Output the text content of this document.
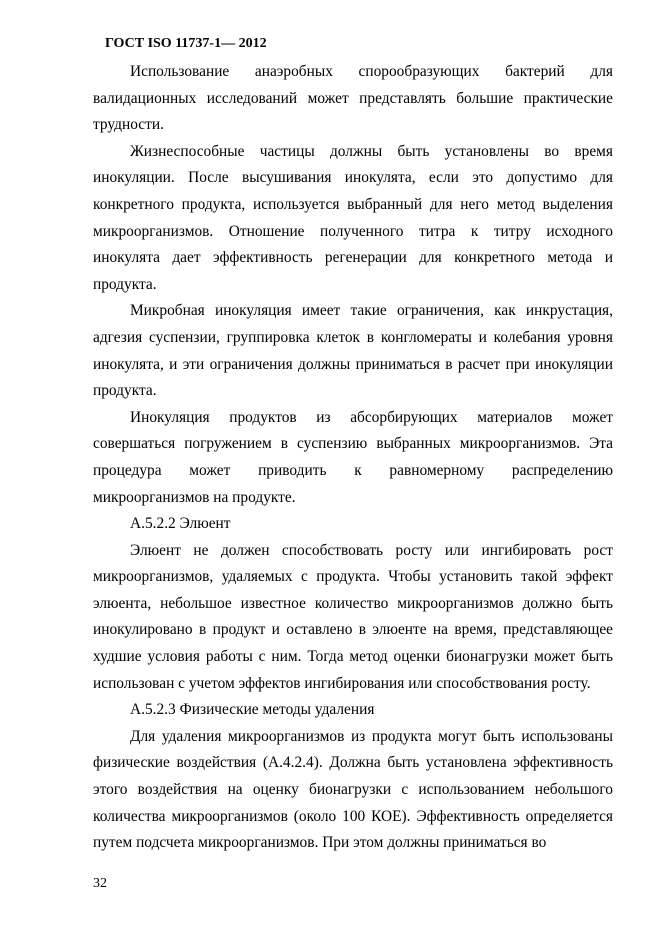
ГОСТ ISO 11737-1— 2012

Использование анаэробных спорообразующих бактерий для валидационных исследований может представлять большие практические трудности.

Жизнеспособные частицы должны быть установлены во время инокуляции. После высушивания инокулята, если это допустимо для конкретного продукта, используется выбранный для него метод выделения микроорганизмов. Отношение полученного титра к титру исходного инокулята дает эффективность регенерации для конкретного метода и продукта.

Микробная инокуляция имеет такие ограничения, как инкрустация, адгезия суспензии, группировка клеток в конгломераты и колебания уровня инокулята, и эти ограничения должны приниматься в расчет при инокуляции продукта.

Инокуляция продуктов из абсорбирующих материалов может совершаться погружением в суспензию выбранных микроорганизмов. Эта процедура может приводить к равномерному распределению микроорганизмов на продукте.

А.5.2.2 Элюент

Элюент не должен способствовать росту или ингибировать рост микроорганизмов, удаляемых с продукта. Чтобы установить такой эффект элюента, небольшое известное количество микроорганизмов должно быть инокулировано в продукт и оставлено в элюенте на время, представляющее худшие условия работы с ним. Тогда метод оценки бионагрузки может быть использован с учетом эффектов ингибирования или способствования росту.

А.5.2.3 Физические методы удаления

Для удаления микроорганизмов из продукта могут быть использованы физические воздействия (А.4.2.4). Должна быть установлена эффективность этого воздействия на оценку бионагрузки с использованием небольшого количества микроорганизмов (около 100 КОЕ). Эффективность определяется путем подсчета микроорганизмов. При этом должны приниматься во

32
